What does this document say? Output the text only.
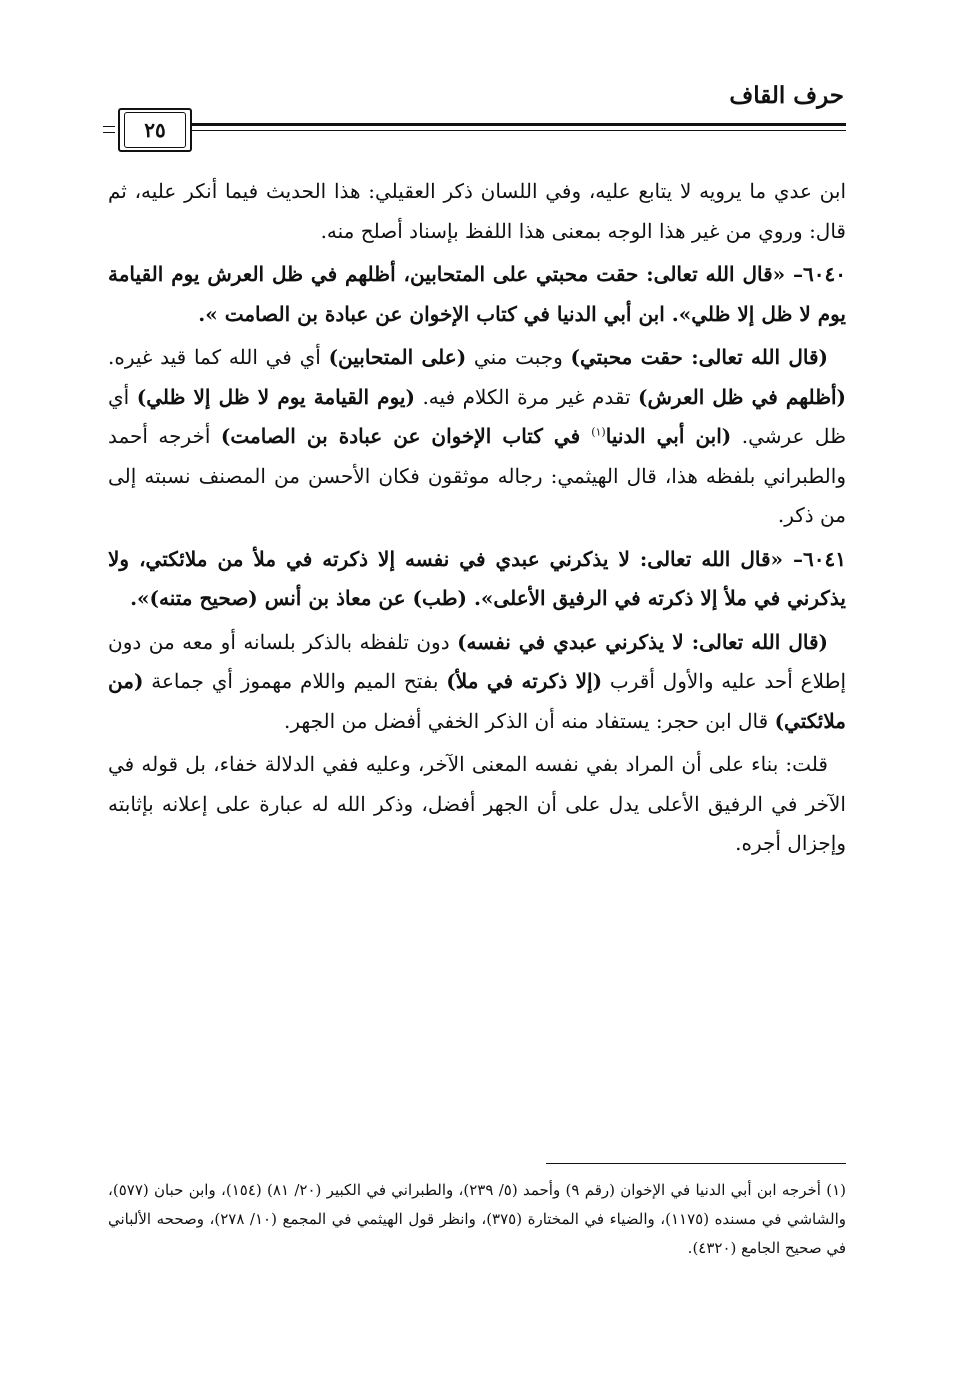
حرف القاف
٢٥

ابن عدي ما يرويه لا يتابع عليه، وفي اللسان ذكر العقيلي: هذا الحديث فيما أنكر عليه، ثم قال: وروي من غير هذا الوجه بمعنى هذا اللفظ بإسناد أصلح منه.

٦٠٤٠– «قال الله تعالى: حقت محبتي على المتحابين، أظلهم في ظل العرش يوم القيامة يوم لا ظل إلا ظلي». ابن أبي الدنيا في كتاب الإخوان عن عبادة بن الصامت ».

(قال الله تعالى: حقت محبتي) وجبت مني (على المتحابين) أي في الله كما قيد غيره. (أظلهم في ظل العرش) تقدم غير مرة الكلام فيه. (يوم القيامة يوم لا ظل إلا ظلي) أي ظل عرشي. (ابن أبي الدنيا$^{(١)}$ في كتاب الإخوان عن عبادة بن الصامت) أخرجه أحمد والطبراني بلفظه هذا، قال الهيثمي: رجاله موثقون فكان الأحسن من المصنف نسبته إلى من ذكر.

٦٠٤١– «قال الله تعالى: لا يذكرني عبدي في نفسه إلا ذكرته في ملأ من ملائكتي، ولا يذكرني في ملأ إلا ذكرته في الرفيق الأعلى». (طب) عن معاذ بن أنس (صحيح متنه)».

(قال الله تعالى: لا يذكرني عبدي في نفسه) دون تلفظه بالذكر بلسانه أو معه من دون إطلاع أحد عليه والأول أقرب (إلا ذكرته في ملأ) بفتح الميم واللام مهموز أي جماعة (من ملائكتي) قال ابن حجر: يستفاد منه أن الذكر الخفي أفضل من الجهر.

قلت: بناء على أن المراد بفي نفسه المعنى الآخر، وعليه ففي الدلالة خفاء، بل قوله في الآخر في الرفيق الأعلى يدل على أن الجهر أفضل، وذكر الله له عبارة على إعلانه بإثابته وإجزال أجره.

(١) أخرجه ابن أبي الدنيا في الإخوان (رقم ٩) وأحمد (٥/ ٢٣٩)، والطبراني في الكبير (٢٠/ ٨١) (١٥٤)، وابن حبان (٥٧٧)، والشاشي في مسنده (١١٧٥)، والضياء في المختارة (٣٧٥)، وانظر قول الهيثمي في المجمع (١٠/ ٢٧٨)، وصححه الألباني في صحيح الجامع (٤٣٢٠).
